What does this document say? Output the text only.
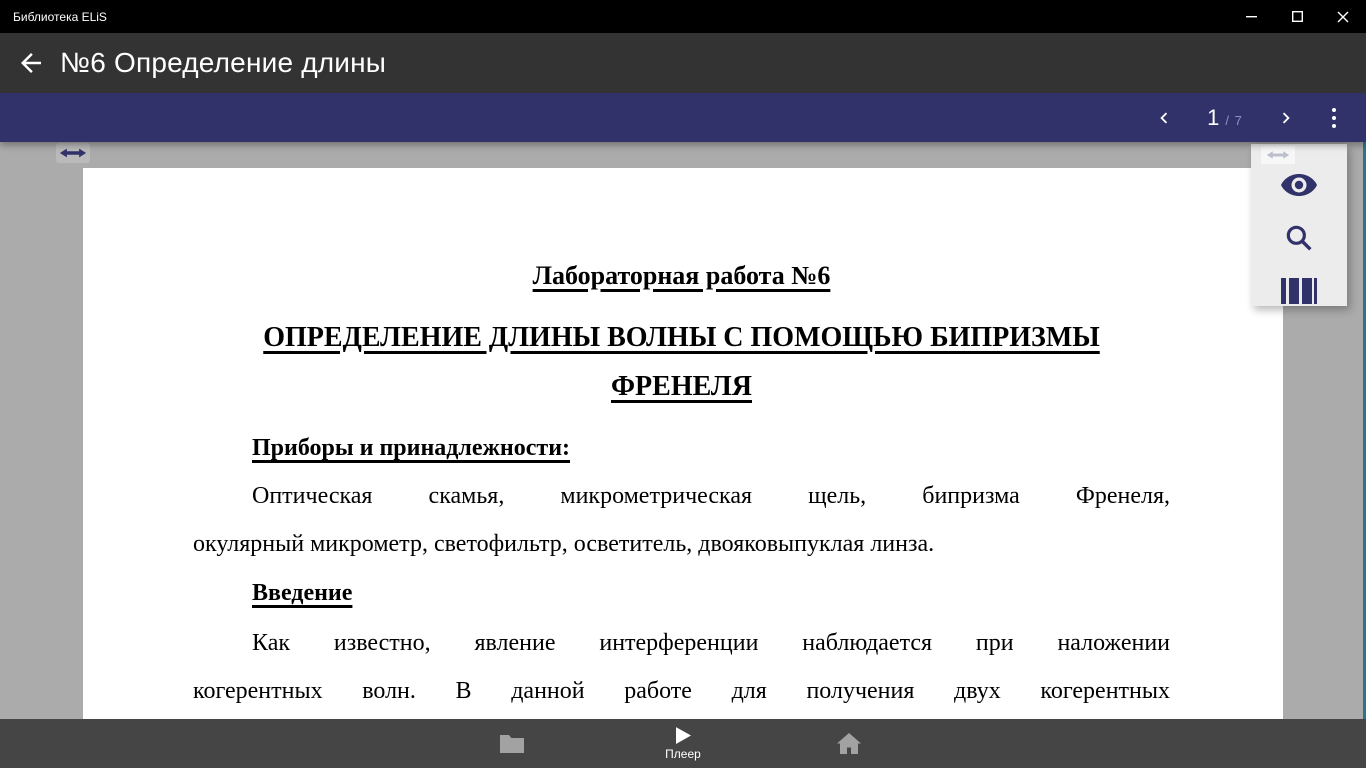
Библиотека ELiS
№6 Определение длины
1 / 7
Лабораторная работа №6
ОПРЕДЕЛЕНИЕ ДЛИНЫ ВОЛНЫ С ПОМОЩЬЮ БИПРИЗМЫ
ФРЕНЕЛЯ
Приборы и принадлежности:
Оптическая скамья, микрометрическая щель, бипризма Френеля,
окулярный микрометр, светофильтр, осветитель, двояковыпуклая линза.
Введение
Как известно, явление интерференции наблюдается при наложении
когерентных волн. В данной работе для получения двух когерентных
Плеер
